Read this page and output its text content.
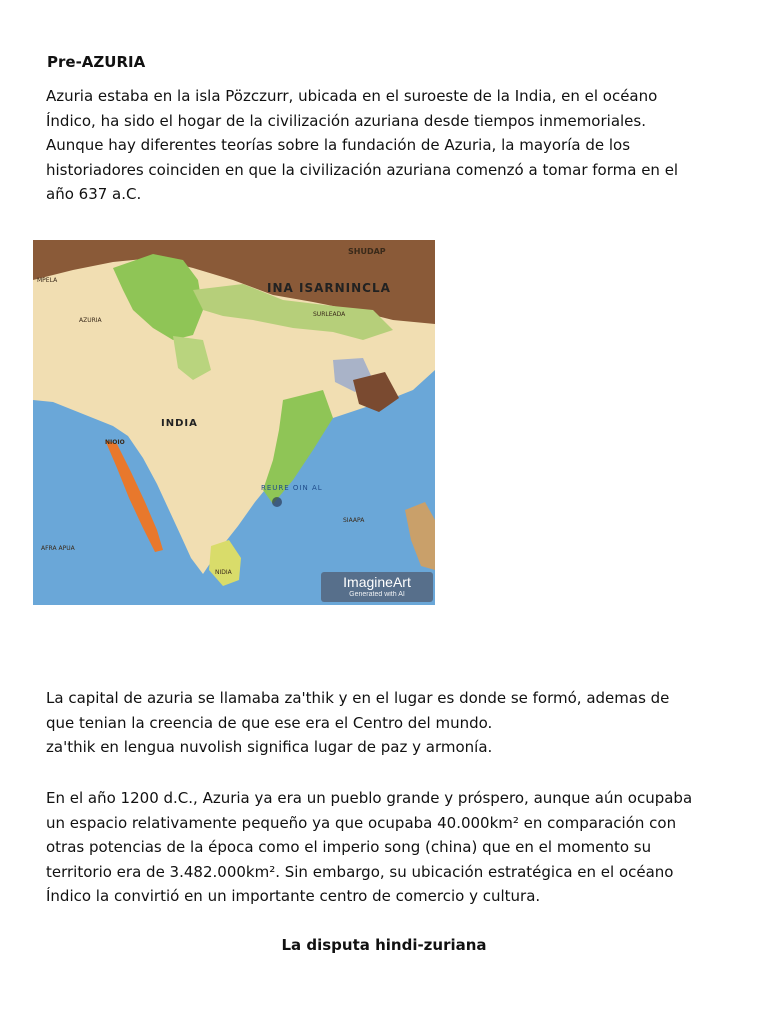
Pre-AZURIA

Azuria estaba en la isla Pözczurr, ubicada en el suroeste de la India, en el océano
Índico, ha sido el hogar de la civilización azuriana desde tiempos inmemoriales.
Aunque hay diferentes teorías sobre la fundación de Azuria, la mayoría de los
historiadores coinciden en que la civilización azuriana comenzó a tomar forma en el
año 637 a.C.

SHUDAP
INA ISARNINCLA
SURLEADA
MPELA
AZURIA
INDIA
NIOIO
REURE OIN AL
SIAAPA
AFRA APUA
NIDIA
ImagineArt
Generated with AI

La capital de azuria se llamaba za'thik y en el lugar es donde se formó, ademas de
que tenian la creencia de que ese era el Centro del mundo.
za'thik en lengua nuvolish significa lugar de paz y armonía.

En el año 1200 d.C., Azuria ya era un pueblo grande y próspero, aunque aún ocupaba
un espacio relativamente pequeño ya que ocupaba 40.000km² en comparación con
otras potencias de la época como el imperio song (china) que en el momento su
territorio era de 3.482.000km². Sin embargo, su ubicación estratégica en el océano
Índico la convirtió en un importante centro de comercio y cultura.

La disputa hindi-zuriana
